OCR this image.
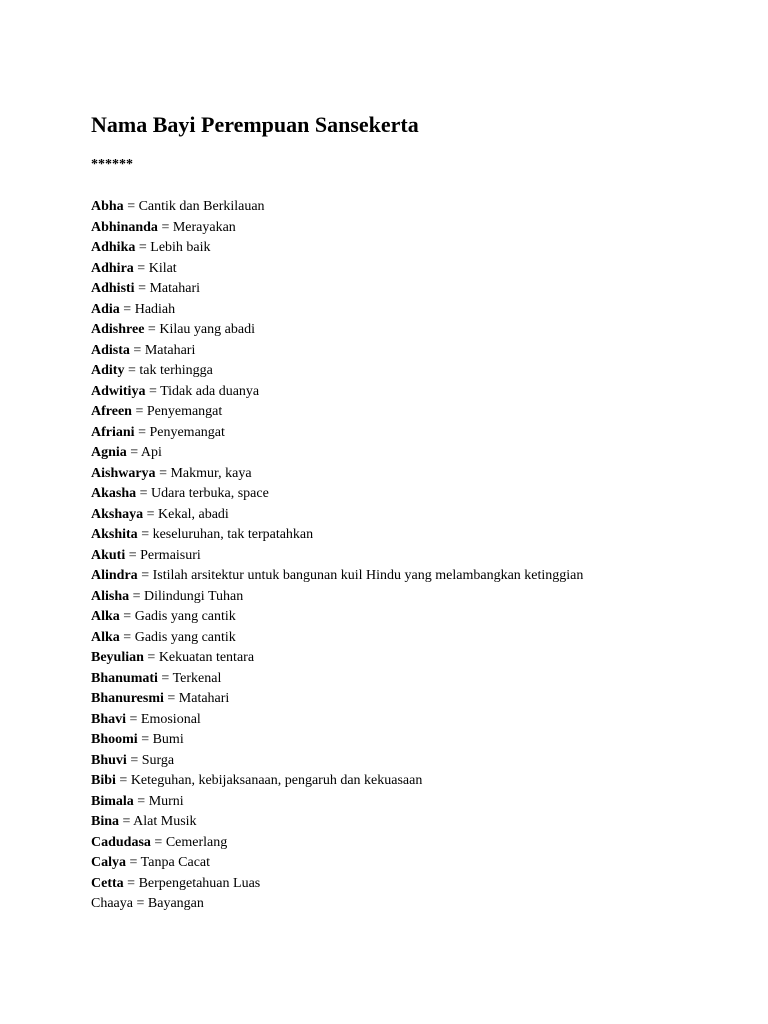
Nama Bayi Perempuan Sansekerta
******
Abha = Cantik dan Berkilauan
Abhinanda = Merayakan
Adhika = Lebih baik
Adhira = Kilat
Adhisti = Matahari
Adia = Hadiah
Adishree = Kilau yang abadi
Adista = Matahari
Adity = tak terhingga
Adwitiya = Tidak ada duanya
Afreen = Penyemangat
Afriani = Penyemangat
Agnia = Api
Aishwarya = Makmur, kaya
Akasha = Udara terbuka, space
Akshaya = Kekal, abadi
Akshita = keseluruhan, tak terpatahkan
Akuti = Permaisuri
Alindra = Istilah arsitektur untuk bangunan kuil Hindu yang melambangkan ketinggian
Alisha = Dilindungi Tuhan
Alka = Gadis yang cantik
Alka = Gadis yang cantik
Beyulian = Kekuatan tentara
Bhanumati = Terkenal
Bhanuresmi = Matahari
Bhavi = Emosional
Bhoomi = Bumi
Bhuvi = Surga
Bibi = Keteguhan, kebijaksanaan, pengaruh dan kekuasaan
Bimala = Murni
Bina = Alat Musik
Cadudasa = Cemerlang
Calya = Tanpa Cacat
Cetta = Berpengetahuan Luas
Chaaya = Bayangan
